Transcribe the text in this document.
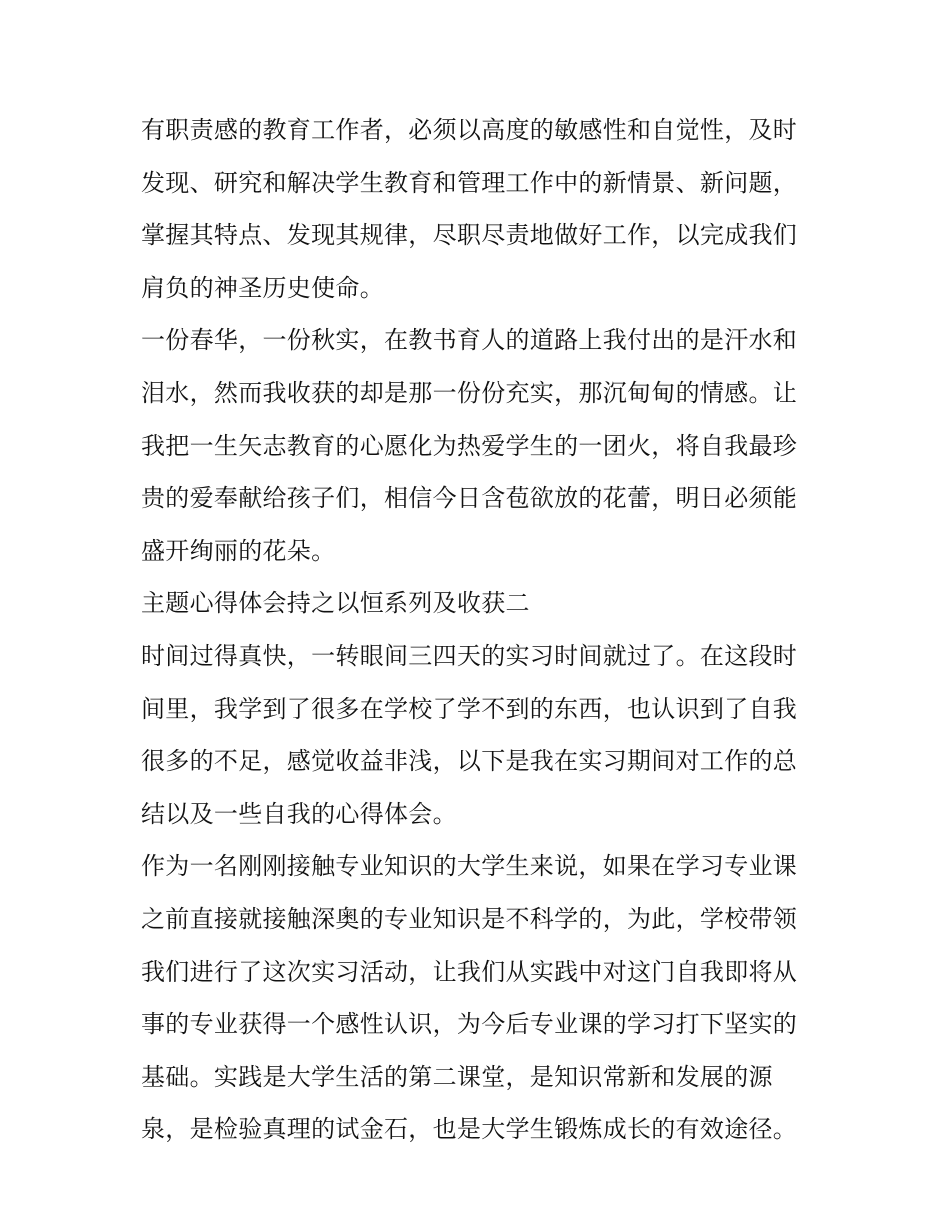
有职责感的教育工作者，必须以高度的敏感性和自觉性，及时
发现、研究和解决学生教育和管理工作中的新情景、新问题，
掌握其特点、发现其规律，尽职尽责地做好工作，以完成我们
肩负的神圣历史使命。
一份春华，一份秋实，在教书育人的道路上我付出的是汗水和
泪水，然而我收获的却是那一份份充实，那沉甸甸的情感。让
我把一生矢志教育的心愿化为热爱学生的一团火，将自我最珍
贵的爱奉献给孩子们，相信今日含苞欲放的花蕾，明日必须能
盛开绚丽的花朵。
主题心得体会持之以恒系列及收获二
时间过得真快，一转眼间三四天的实习时间就过了。在这段时
间里，我学到了很多在学校了学不到的东西，也认识到了自我
很多的不足，感觉收益非浅，以下是我在实习期间对工作的总
结以及一些自我的心得体会。
作为一名刚刚接触专业知识的大学生来说，如果在学习专业课
之前直接就接触深奥的专业知识是不科学的，为此，学校带领
我们进行了这次实习活动，让我们从实践中对这门自我即将从
事的专业获得一个感性认识，为今后专业课的学习打下坚实的
基础。实践是大学生活的第二课堂，是知识常新和发展的源
泉，是检验真理的试金石，也是大学生锻炼成长的有效途径。
